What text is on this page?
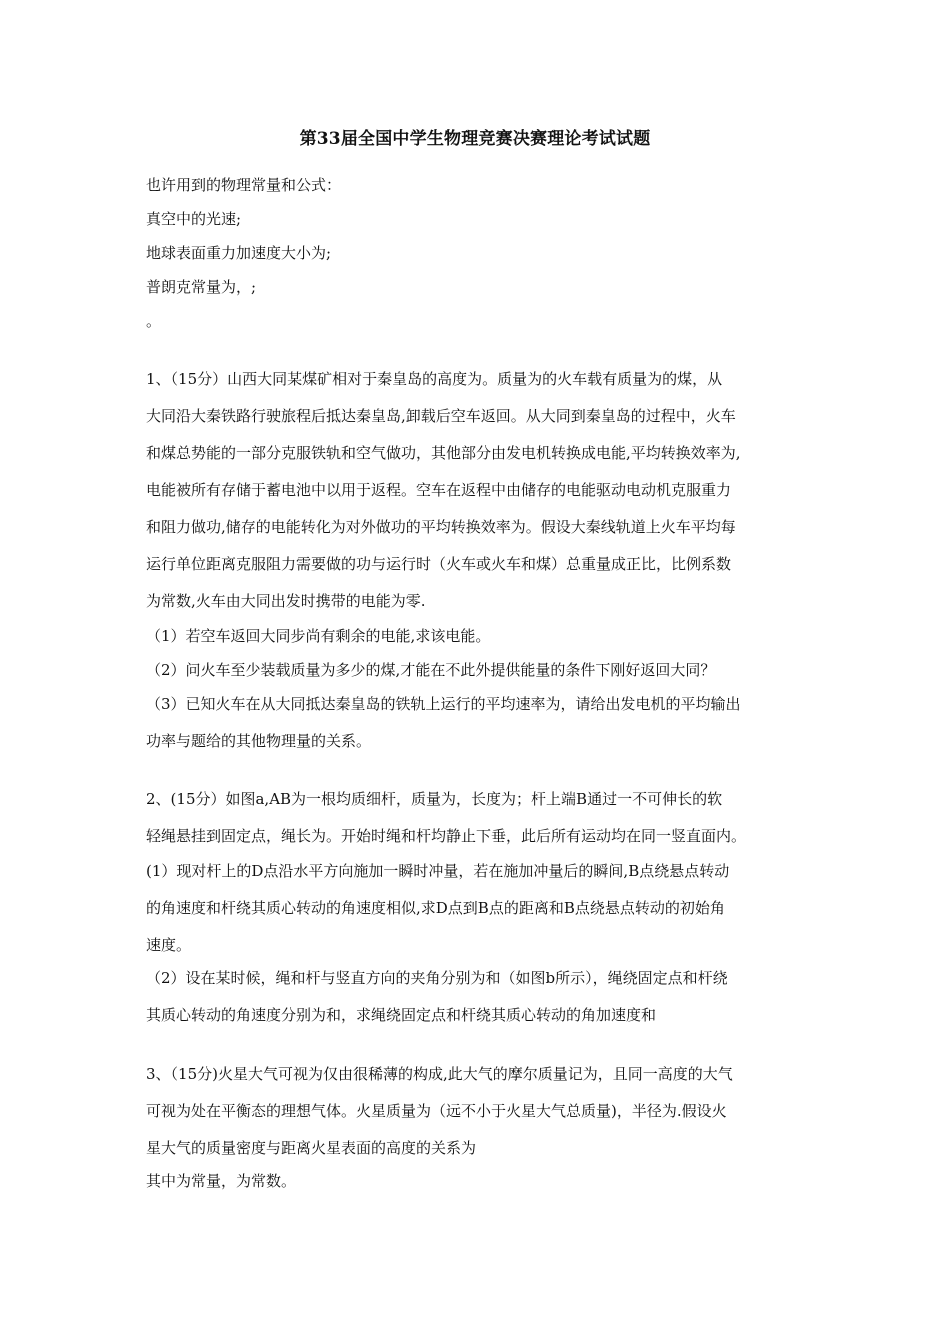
第33届全国中学生物理竞赛决赛理论考试试题
也许用到的物理常量和公式：
真空中的光速;
地球表面重力加速度大小为;
普朗克常量为，;
。
1、（15分）山西大同某煤矿相对于秦皇岛的高度为。质量为的火车载有质量为的煤，从
大同沿大秦铁路行驶旅程后抵达秦皇岛,卸载后空车返回。从大同到秦皇岛的过程中，火车
和煤总势能的一部分克服铁轨和空气做功，其他部分由发电机转换成电能,平均转换效率为,
电能被所有存储于蓄电池中以用于返程。空车在返程中由储存的电能驱动电动机克服重力
和阻力做功,储存的电能转化为对外做功的平均转换效率为。假设大秦线轨道上火车平均每
运行单位距离克服阻力需要做的功与运行时（火车或火车和煤）总重量成正比，比例系数
为常数,火车由大同出发时携带的电能为零.
（1）若空车返回大同步尚有剩余的电能,求该电能。
（2）问火车至少装载质量为多少的煤,才能在不此外提供能量的条件下刚好返回大同？
（3）已知火车在从大同抵达秦皇岛的铁轨上运行的平均速率为，请给出发电机的平均输出
功率与题给的其他物理量的关系。
2、(15分）如图a,AB为一根均质细杆，质量为，长度为；杆上端B通过一不可伸长的软
轻绳悬挂到固定点，绳长为。开始时绳和杆均静止下垂，此后所有运动均在同一竖直面内。
(1）现对杆上的D点沿水平方向施加一瞬时冲量，若在施加冲量后的瞬间,B点绕悬点转动
的角速度和杆绕其质心转动的角速度相似,求D点到B点的距离和B点绕悬点转动的初始角
速度。
（2）设在某时候，绳和杆与竖直方向的夹角分别为和（如图b所示），绳绕固定点和杆绕
其质心转动的角速度分别为和，求绳绕固定点和杆绕其质心转动的角加速度和
3、（15分)火星大气可视为仅由很稀薄的构成,此大气的摩尔质量记为，且同一高度的大气
可视为处在平衡态的理想气体。火星质量为（远不小于火星大气总质量)，半径为.假设火
星大气的质量密度与距离火星表面的高度的关系为
其中为常量，为常数。
